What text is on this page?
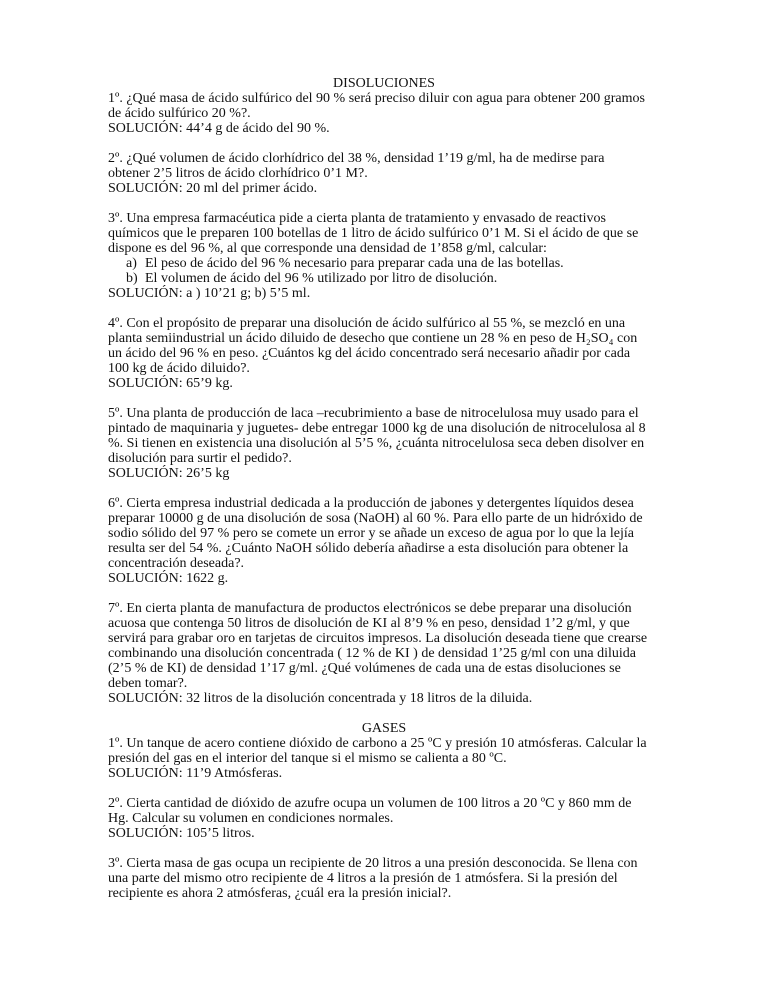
DISOLUCIONES
1º. ¿Qué masa de ácido sulfúrico del 90 % será preciso diluir con agua para obtener 200 gramos
de ácido sulfúrico 20 %?.
SOLUCIÓN: 44’4 g de ácido del 90 %.
2º. ¿Qué volumen de ácido clorhídrico del 38 %, densidad 1’19 g/ml, ha de medirse para
obtener 2’5 litros de ácido clorhídrico 0’1 M?.
SOLUCIÓN: 20 ml del primer ácido.
3º. Una empresa farmacéutica pide a cierta planta de tratamiento y envasado de reactivos
químicos que le preparen 100 botellas de 1 litro de ácido sulfúrico 0’1 M. Si el ácido de que se
dispone es del 96 %, al que corresponde una densidad de 1’858 g/ml, calcular:
a) El peso de ácido del 96 % necesario para preparar cada una de las botellas.
b) El volumen de ácido del 96 % utilizado por litro de disolución.
SOLUCIÓN: a ) 10’21 g; b) 5’5 ml.
4º. Con el propósito de preparar una disolución de ácido sulfúrico al 55 %, se mezcló en una
planta semiindustrial un ácido diluido de desecho que contiene un 28 % en peso de H₂SO₄ con
un ácido del 96 % en peso. ¿Cuántos kg del ácido concentrado será necesario añadir por cada
100 kg de ácido diluido?.
SOLUCIÓN: 65’9 kg.
5º. Una planta de producción de laca –recubrimiento a base de nitrocelulosa muy usado para el
pintado de maquinaria y juguetes- debe entregar 1000 kg de una disolución de nitrocelulosa al 8
%. Si tienen en existencia una disolución al 5’5 %, ¿cuánta nitrocelulosa seca deben disolver en
disolución para surtir el pedido?.
SOLUCIÓN: 26’5 kg
6º. Cierta empresa industrial dedicada a la producción de jabones y detergentes líquidos desea
preparar 10000 g de una disolución de sosa (NaOH) al 60 %. Para ello parte de un hidróxido de
sodio sólido del 97 % pero se comete un error y se añade un exceso de agua por lo que la lejía
resulta ser del 54 %. ¿Cuánto NaOH sólido debería añadirse a esta disolución para obtener la
concentración deseada?.
SOLUCIÓN: 1622 g.
7º. En cierta planta de manufactura de productos electrónicos se debe preparar una disolución
acuosa que contenga 50 litros de disolución de KI al 8’9 % en peso, densidad 1’2 g/ml, y que
servirá para grabar oro en tarjetas de circuitos impresos. La disolución deseada tiene que crearse
combinando una disolución concentrada ( 12 % de KI ) de densidad 1’25 g/ml con una diluida
(2’5 % de KI) de densidad 1’17 g/ml. ¿Qué volúmenes de cada una de estas disoluciones se
deben tomar?.
SOLUCIÓN: 32 litros de la disolución concentrada y 18 litros de la diluida.
GASES
1º. Un tanque de acero contiene dióxido de carbono a 25 ºC y presión 10 atmósferas. Calcular la
presión del gas en el interior del tanque si el mismo se calienta a 80 ºC.
SOLUCIÓN: 11’9 Atmósferas.
2º. Cierta cantidad de dióxido de azufre ocupa un volumen de 100 litros a 20 ºC y 860 mm de
Hg. Calcular su volumen en condiciones normales.
SOLUCIÓN: 105’5 litros.
3º. Cierta masa de gas ocupa un recipiente de 20 litros a una presión desconocida. Se llena con
una parte del mismo otro recipiente de 4 litros a la presión de 1 atmósfera. Si la presión del
recipiente es ahora 2 atmósferas, ¿cuál era la presión inicial?.
